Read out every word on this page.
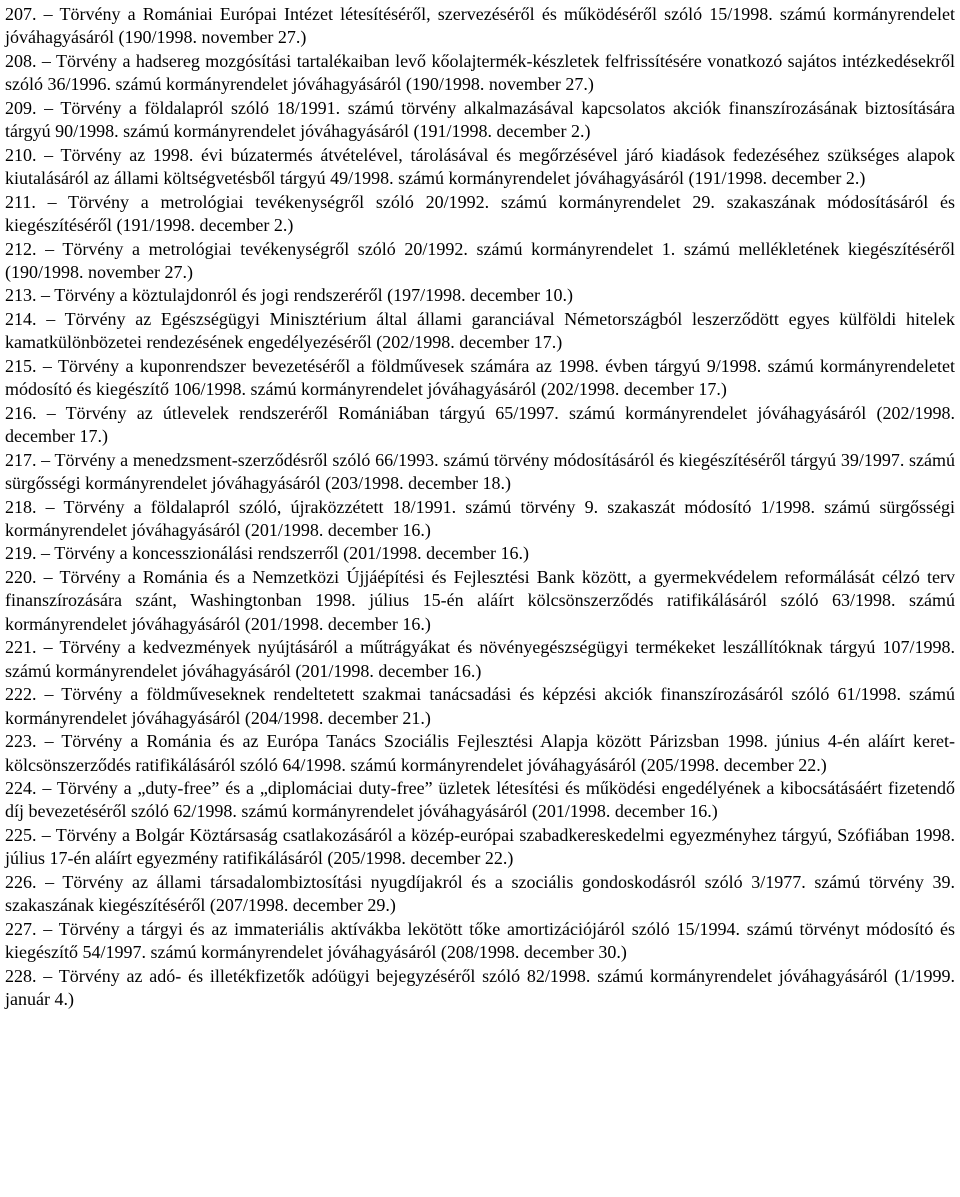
207. – Törvény a Romániai Európai Intézet létesítéséről, szervezéséről és működéséről szóló 15/1998. számú kormányrendelet jóváhagyásáról (190/1998. november 27.)

208. – Törvény a hadsereg mozgósítási tartalékaiban levő kőolajtermék-készletek felfrissítésére vonatkozó sajátos intézkedésekről szóló 36/1996. számú kormányrendelet jóváhagyásáról (190/1998. november 27.)

209. – Törvény a földalapról szóló 18/1991. számú törvény alkalmazásával kapcsolatos akciók finanszírozásának biztosítására tárgyú 90/1998. számú kormányrendelet jóváhagyásáról (191/1998. december 2.)

210. – Törvény az 1998. évi búzatermés átvételével, tárolásával és megőrzésével járó kiadások fedezéséhez szükséges alapok kiutalásáról az állami költségvetésből tárgyú 49/1998. számú kormányrendelet jóváhagyásáról (191/1998. december 2.)

211. – Törvény a metrológiai tevékenységről szóló 20/1992. számú kormányrendelet 29. szakaszának módosításáról és kiegészítéséről (191/1998. december 2.)

212. – Törvény a metrológiai tevékenységről szóló 20/1992. számú kormányrendelet 1. számú mellékletének kiegészítéséről (190/1998. november 27.)

213. – Törvény a köztulajdonról és jogi rendszeréről (197/1998. december 10.)

214. – Törvény az Egészségügyi Minisztérium által állami garanciával Németországból leszerződött egyes külföldi hitelek kamatkülönbözetei rendezésének engedélyezéséről (202/1998. december 17.)

215. – Törvény a kuponrendszer bevezetéséről a földművesek számára az 1998. évben tárgyú 9/1998. számú kormányrendeletet módosító és kiegészítő 106/1998. számú kormányrendelet jóváhagyásáról (202/1998. december 17.)

216. – Törvény az útlevelek rendszeréről Romániában tárgyú 65/1997. számú kormányrendelet jóváhagyásáról (202/1998. december 17.)

217. – Törvény a menedzsment-szerződésről szóló 66/1993. számú törvény módosításáról és kiegészítéséről tárgyú 39/1997. számú sürgősségi kormányrendelet jóváhagyásáról (203/1998. december 18.)

218. – Törvény a földalapról szóló, újraközzétett 18/1991. számú törvény 9. szakaszát módosító 1/1998. számú sürgősségi kormányrendelet jóváhagyásáról (201/1998. december 16.)

219. – Törvény a koncesszionálási rendszerről (201/1998. december 16.)

220. – Törvény a Románia és a Nemzetközi Újjáépítési és Fejlesztési Bank között, a gyermekvédelem reformálását célzó terv finanszírozására szánt, Washingtonban 1998. július 15-én aláírt kölcsönszerződés ratifikálásáról szóló 63/1998. számú kormányrendelet jóváhagyásáról (201/1998. december 16.)

221. – Törvény a kedvezmények nyújtásáról a műtrágyákat és növényegészségügyi termékeket leszállítóknak tárgyú 107/1998. számú kormányrendelet jóváhagyásáról (201/1998. december 16.)

222. – Törvény a földműveseknek rendeltetett szakmai tanácsadási és képzési akciók finanszírozásáról szóló 61/1998. számú kormányrendelet jóváhagyásáról (204/1998. december 21.)

223. – Törvény a Románia és az Európa Tanács Szociális Fejlesztési Alapja között Párizsban 1998. június 4-én aláírt keret-kölcsönszerződés ratifikálásáról szóló 64/1998. számú kormányrendelet jóváhagyásáról (205/1998. december 22.)

224. – Törvény a „duty-free” és a „diplomáciai duty-free” üzletek létesítési és működési engedélyének a kibocsátásáért fizetendő díj bevezetéséről szóló 62/1998. számú kormányrendelet jóváhagyásáról (201/1998. december 16.)

225. – Törvény a Bolgár Köztársaság csatlakozásáról a közép-európai szabadkereskedelmi egyezményhez tárgyú, Szófiában 1998. július 17-én aláírt egyezmény ratifikálásáról (205/1998. december 22.)

226. – Törvény az állami társadalombiztosítási nyugdíjakról és a szociális gondoskodásról szóló 3/1977. számú törvény 39. szakaszának kiegészítéséről (207/1998. december 29.)

227. – Törvény a tárgyi és az immateriális aktívákba lekötött tőke amortizációjáról szóló 15/1994. számú törvényt módosító és kiegészítő 54/1997. számú kormányrendelet jóváhagyásáról (208/1998. december 30.)

228. – Törvény az adó- és illetékfizetők adóügyi bejegyzéséről szóló 82/1998. számú kormányrendelet jóváhagyásáról (1/1999. január 4.)
